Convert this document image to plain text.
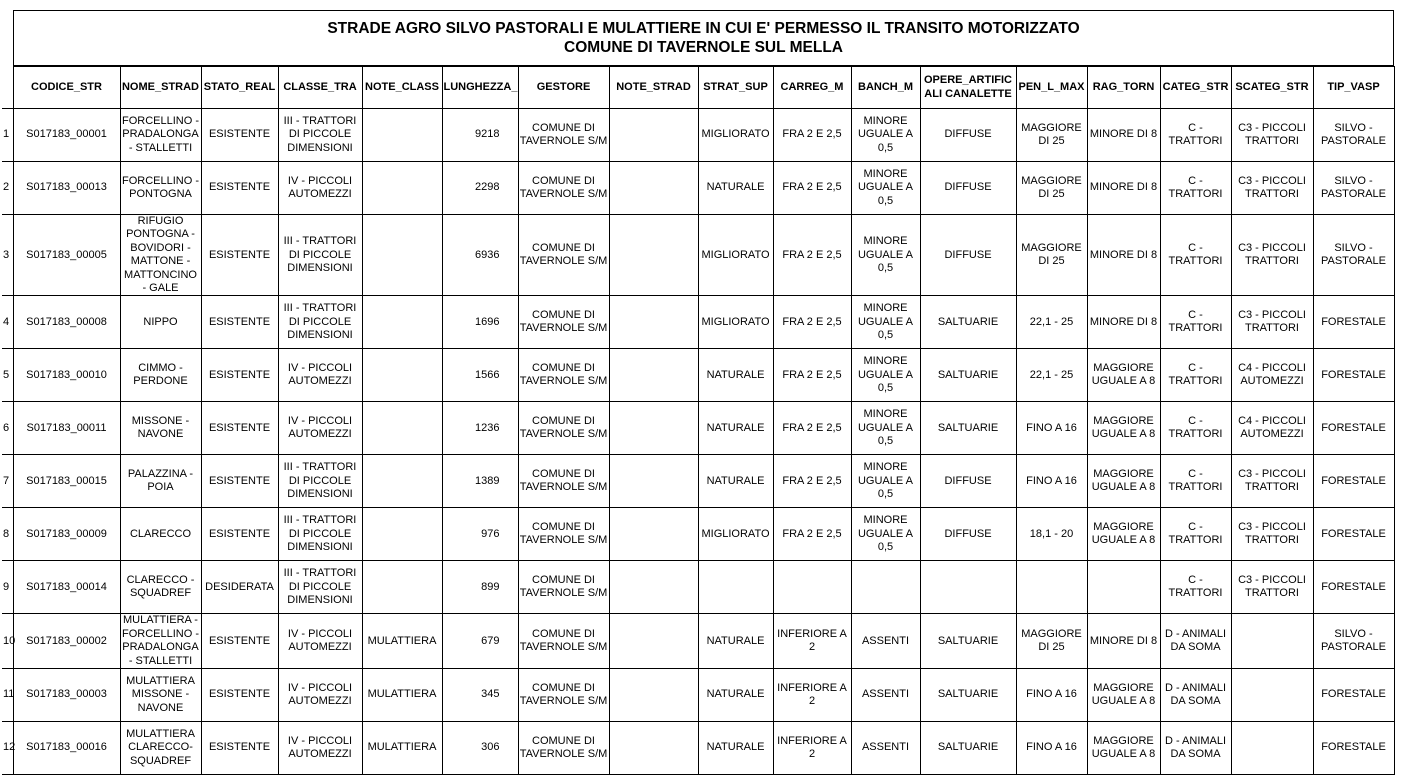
STRADE AGRO SILVO PASTORALI E MULATTIERE IN CUI E' PERMESSO IL TRANSITO MOTORIZZATO
COMUNE DI TAVERNOLE SUL MELLA
	CODICE_STR	NOME_STRAD	STATO_REAL	CLASSE_TRA	NOTE_CLASS	LUNGHEZZA_	GESTORE	NOTE_STRAD	STRAT_SUP	CARREG_M	BANCH_M	OPERE_ARTIFIC ALI CANALETTE	PEN_L_MAX	RAG_TORN	CATEG_STR	SCATEG_STR	TIP_VASP
1	S017183_00001	FORCELLINO - PRADALONGA - STALLETTI	ESISTENTE	III - TRATTORI DI PICCOLE DIMENSIONI		9218	COMUNE DI TAVERNOLE S/M		MIGLIORATO	FRA 2 E 2,5	MINORE UGUALE A 0,5	DIFFUSE	MAGGIORE DI 25	MINORE DI 8	C - TRATTORI	C3 - PICCOLI TRATTORI	SILVO - PASTORALE
2	S017183_00013	FORCELLINO - PONTOGNA	ESISTENTE	IV - PICCOLI AUTOMEZZI		2298	COMUNE DI TAVERNOLE S/M		NATURALE	FRA 2 E 2,5	MINORE UGUALE A 0,5	DIFFUSE	MAGGIORE DI 25	MINORE DI 8	C - TRATTORI	C3 - PICCOLI TRATTORI	SILVO - PASTORALE
3	S017183_00005	RIFUGIO PONTOGNA - BOVIDORI - MATTONE - MATTONCINO - GALE	ESISTENTE	III - TRATTORI DI PICCOLE DIMENSIONI		6936	COMUNE DI TAVERNOLE S/M		MIGLIORATO	FRA 2 E 2,5	MINORE UGUALE A 0,5	DIFFUSE	MAGGIORE DI 25	MINORE DI 8	C - TRATTORI	C3 - PICCOLI TRATTORI	SILVO - PASTORALE
4	S017183_00008	NIPPO	ESISTENTE	III - TRATTORI DI PICCOLE DIMENSIONI		1696	COMUNE DI TAVERNOLE S/M		MIGLIORATO	FRA 2 E 2,5	MINORE UGUALE A 0,5	SALTUARIE	22,1 - 25	MINORE DI 8	C - TRATTORI	C3 - PICCOLI TRATTORI	FORESTALE
5	S017183_00010	CIMMO - PERDONE	ESISTENTE	IV - PICCOLI AUTOMEZZI		1566	COMUNE DI TAVERNOLE S/M		NATURALE	FRA 2 E 2,5	MINORE UGUALE A 0,5	SALTUARIE	22,1 - 25	MAGGIORE UGUALE A 8	C - TRATTORI	C4 - PICCOLI AUTOMEZZI	FORESTALE
6	S017183_00011	MISSONE - NAVONE	ESISTENTE	IV - PICCOLI AUTOMEZZI		1236	COMUNE DI TAVERNOLE S/M		NATURALE	FRA 2 E 2,5	MINORE UGUALE A 0,5	SALTUARIE	FINO A 16	MAGGIORE UGUALE A 8	C - TRATTORI	C4 - PICCOLI AUTOMEZZI	FORESTALE
7	S017183_00015	PALAZZINA - POIA	ESISTENTE	III - TRATTORI DI PICCOLE DIMENSIONI		1389	COMUNE DI TAVERNOLE S/M		NATURALE	FRA 2 E 2,5	MINORE UGUALE A 0,5	DIFFUSE	FINO A 16	MAGGIORE UGUALE A 8	C - TRATTORI	C3 - PICCOLI TRATTORI	FORESTALE
8	S017183_00009	CLARECCO	ESISTENTE	III - TRATTORI DI PICCOLE DIMENSIONI		976	COMUNE DI TAVERNOLE S/M		MIGLIORATO	FRA 2 E 2,5	MINORE UGUALE A 0,5	DIFFUSE	18,1 - 20	MAGGIORE UGUALE A 8	C - TRATTORI	C3 - PICCOLI TRATTORI	FORESTALE
9	S017183_00014	CLARECCO - SQUADREF	DESIDERATA	III - TRATTORI DI PICCOLE DIMENSIONI		899	COMUNE DI TAVERNOLE S/M								C - TRATTORI	C3 - PICCOLI TRATTORI	FORESTALE
10	S017183_00002	MULATTIERA - FORCELLINO - PRADALONGA - STALLETTI	ESISTENTE	IV - PICCOLI AUTOMEZZI	MULATTIERA	679	COMUNE DI TAVERNOLE S/M		NATURALE	INFERIORE A 2	ASSENTI	SALTUARIE	MAGGIORE DI 25	MINORE DI 8	D - ANIMALI DA SOMA		SILVO - PASTORALE
11	S017183_00003	MULATTIERA MISSONE - NAVONE	ESISTENTE	IV - PICCOLI AUTOMEZZI	MULATTIERA	345	COMUNE DI TAVERNOLE S/M		NATURALE	INFERIORE A 2	ASSENTI	SALTUARIE	FINO A 16	MAGGIORE UGUALE A 8	D - ANIMALI DA SOMA		FORESTALE
12	S017183_00016	MULATTIERA CLARECCO- SQUADREF	ESISTENTE	IV - PICCOLI AUTOMEZZI	MULATTIERA	306	COMUNE DI TAVERNOLE S/M		NATURALE	INFERIORE A 2	ASSENTI	SALTUARIE	FINO A 16	MAGGIORE UGUALE A 8	D - ANIMALI DA SOMA		FORESTALE
